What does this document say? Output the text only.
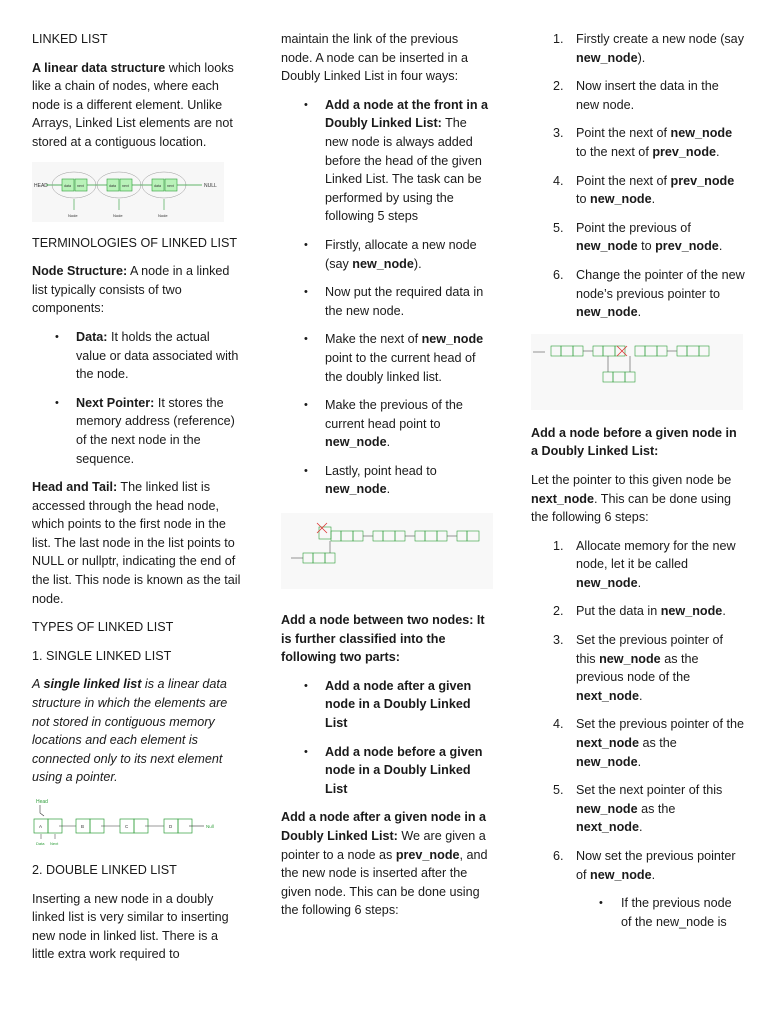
LINKED LIST

A linear data structure which looks like a chain of nodes, where each node is a different element. Unlike Arrays, Linked List elements are not stored at a contiguous location.

HEAD	data next
Node
data next
Node
data next
Node
NULL

TERMINOLOGIES OF LINKED LIST

Node Structure: A node in a linked list typically consists of two components:

• Data: It holds the actual value or data associated with the node.
• Next Pointer: It stores the memory address (reference) of the next node in the sequence.

Head and Tail: The linked list is accessed through the head node, which points to the first node in the list. The last node in the list points to NULL or nullptr, indicating the end of the list. This node is known as the tail node.

TYPES OF LINKED LIST

1. SINGLE LINKED LIST

A single linked list is a linear data structure in which the elements are not stored in contiguous memory locations and each element is connected only to its next element using a pointer.

Head
A	B	C	D	Null
Data Next

2. DOUBLE LINKED LIST

Inserting a new node in a doubly linked list is very similar to inserting new node in linked list. There is a little extra work required to

maintain the link of the previous node. A node can be inserted in a Doubly Linked List in four ways:

• Add a node at the front in a Doubly Linked List: The new node is always added before the head of the given Linked List. The task can be performed by using the following 5 steps
• Firstly, allocate a new node (say new_node).
• Now put the required data in the new node.
• Make the next of new_node point to the current head of the doubly linked list.
• Make the previous of the current head point to new_node.
• Lastly, point head to new_node.

Add a node between two nodes: It is further classified into the following two parts:

• Add a node after a given node in a Doubly Linked List
• Add a node before a given node in a Doubly Linked List

Add a node after a given node in a Doubly Linked List: We are given a pointer to a node as prev_node, and the new node is inserted after the given node. This can be done using the following 6 steps:

1. Firstly create a new node (say new_node).
2. Now insert the data in the new node.
3. Point the next of new_node to the next of prev_node.
4. Point the next of prev_node to new_node.
5. Point the previous of new_node to prev_node.
6. Change the pointer of the new node’s previous pointer to new_node.

Add a node before a given node in a Doubly Linked List:

Let the pointer to this given node be next_node. This can be done using the following 6 steps:

1. Allocate memory for the new node, let it be called new_node.
2. Put the data in new_node.
3. Set the previous pointer of this new_node as the previous node of the next_node.
4. Set the previous pointer of the next_node as the new_node.
5. Set the next pointer of this new_node as the next_node.
6. Now set the previous pointer of new_node.
• If the previous node of the new_node is
